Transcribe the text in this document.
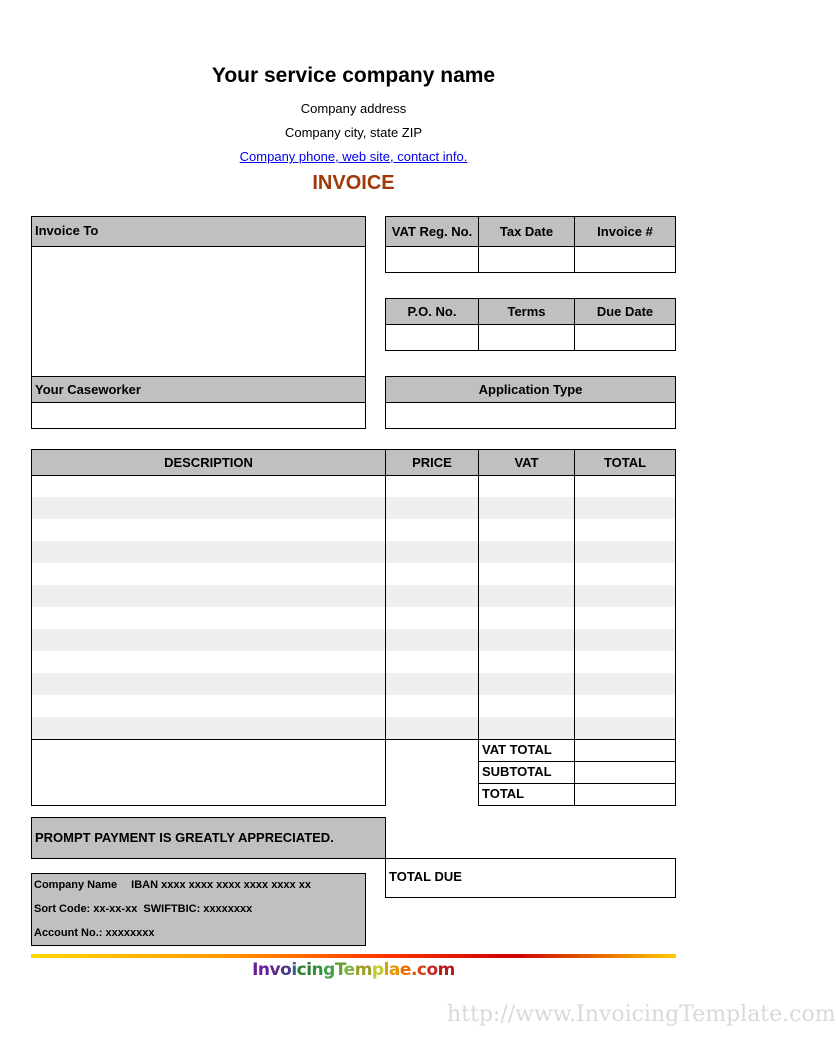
Your service company name
Company address
Company city, state ZIP
Company phone, web site, contact info.
INVOICE
Invoice To
Your Caseworker
VAT Reg. No.	Tax Date	Invoice #
P.O. No.	Terms	Due Date
Application Type
DESCRIPTION	PRICE	VAT	TOTAL
VAT TOTAL
SUBTOTAL
TOTAL
PROMPT PAYMENT IS GREATLY APPRECIATED.
TOTAL DUE
Company Name IBAN xxxx xxxx xxxx xxxx xxxx xx
Sort Code: xx-xx-xx  SWIFTBIC: xxxxxxxx
Account No.: xxxxxxxx
InvoicingTemplae.com
http://www.InvoicingTemplate.com
